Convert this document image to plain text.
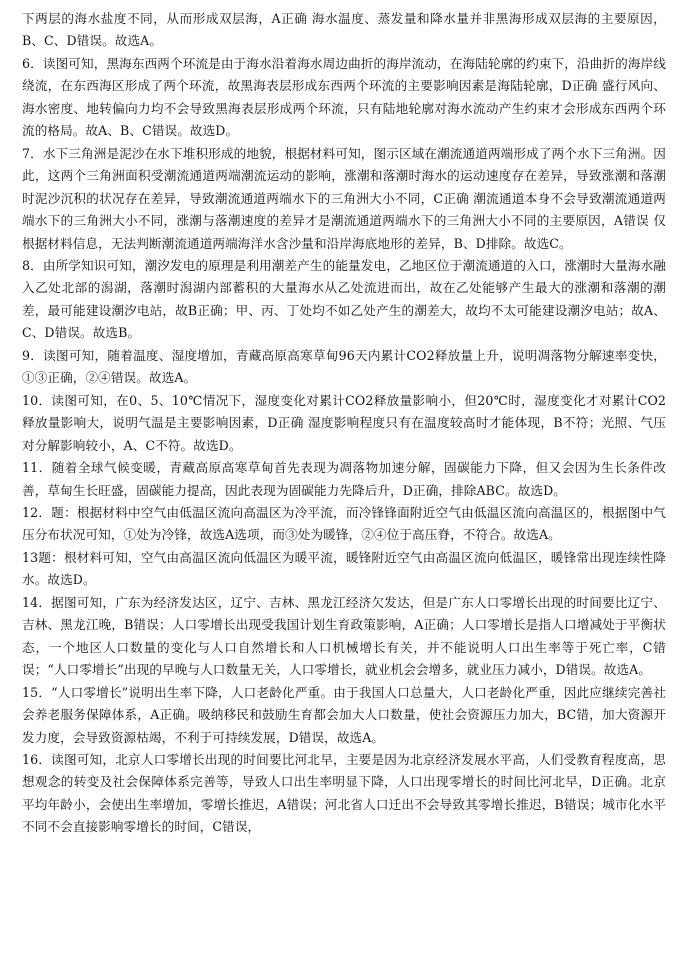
下两层的海水盐度不同，从而形成双层海，A正确 海水温度、蒸发量和降水量并非黑海形成双层海的主要原因，B、C、D错误。故选A。

6．读图可知，黑海东西两个环流是由于海水沿着海水周边曲折的海岸流动，在海陆轮廓的约束下，沿曲折的海岸线绕流，在东西海区形成了两个环流，故黑海表层形成东西两个环流的主要影响因素是海陆轮廓，D正确 盛行风向、海水密度、地转偏向力均不会导致黑海表层形成两个环流，只有陆地轮廓对海水流动产生约束才会形成东西两个环流的格局。故A、B、C错误。故选D。

7．水下三角洲是泥沙在水下堆积形成的地貌，根据材料可知，图示区域在潮流通道两端形成了两个水下三角洲。因此，这两个三角洲面积受潮流通道两端潮流运动的影响，涨潮和落潮时海水的运动速度存在差异，导致涨潮和落潮时泥沙沉积的状况存在差异，导致潮流通道两端水下的三角洲大小不同，C正确 潮流通道本身不会导致潮流通道两端水下的三角洲大小不同，涨潮与落潮速度的差异才是潮流通道两端水下的三角洲大小不同的主要原因，A错误 仅根据材料信息，无法判断潮流通道两端海洋水含沙量和沿岸海底地形的差异，B、D排除。故选C。

8．由所学知识可知，潮汐发电的原理是利用潮差产生的能量发电，乙地区位于潮流通道的入口，涨潮时大量海水融入乙处北部的潟湖，落潮时潟湖内部蓄积的大量海水从乙处流进而出，故在乙处能够产生最大的涨潮和落潮的潮差，最可能建设潮汐电站，故B正确；甲、丙、丁处均不如乙处产生的潮差大，故均不太可能建设潮汐电站；故A、C、D错误。故选B。

9．读图可知，随着温度、湿度增加，青藏高原高寒草甸96天内累计CO2释放量上升，说明凋落物分解速率变快，①③正确，②④错误。故选A。

10．读图可知，在0、5、10℃情况下，湿度变化对累计CO2释放量影响小，但20℃时，湿度变化才对累计CO2释放量影响大，说明气温是主要影响因素，D正确 湿度影响程度只有在温度较高时才能体现，B不符；光照、气压对分解影响较小，A、C不符。故选D。

11．随着全球气候变暖，青藏高原高寒草甸首先表现为凋落物加速分解，固碳能力下降，但又会因为生长条件改善，草甸生长旺盛，固碳能力提高，因此表现为固碳能力先降后升，D正确，排除ABC。故选D。

12．题：根据材料中空气由低温区流向高温区为冷平流，而冷锋锋面附近空气由低温区流向高温区的，根据图中气压分布状况可知，①处为冷锋，故选A选项，而③处为暖锋，②④位于高压脊，不符合。故选A。

13题：根材料可知，空气由高温区流向低温区为暖平流，暖锋附近空气由高温区流向低温区，暖锋常出现连续性降水。故选D。

14．据图可知，广东为经济发达区，辽宁、吉林、黑龙江经济欠发达，但是广东人口零增长出现的时间要比辽宁、吉林、黑龙江晚，B错误；人口零增长出现受我国计划生育政策影响，A正确；人口零增长是指人口增减处于平衡状态，一个地区人口数量的变化与人口自然增长和人口机械增长有关，并不能说明人口出生率等于死亡率，C错误；“人口零增长”出现的早晚与人口数量无关，人口零增长，就业机会会增多，就业压力减小，D错误。故选A。

15．“人口零增长”说明出生率下降，人口老龄化严重。由于我国人口总量大，人口老龄化严重，因此应继续完善社会养老服务保障体系，A正确。吸纳移民和鼓励生育都会加大人口数量，使社会资源压力加大，BC错，加大资源开发力度，会导致资源枯竭，不利于可持续发展，D错误，故选A。

16．读图可知，北京人口零增长出现的时间要比河北早，主要是因为北京经济发展水平高，人们受教育程度高，思想观念的转变及社会保障体系完善等，导致人口出生率明显下降，人口出现零增长的时间比河北早，D正确。北京平均年龄小，会使出生率增加，零增长推迟，A错误；河北省人口迁出不会导致其零增长推迟，B错误；城市化水平不同不会直接影响零增长的时间，C错误，
